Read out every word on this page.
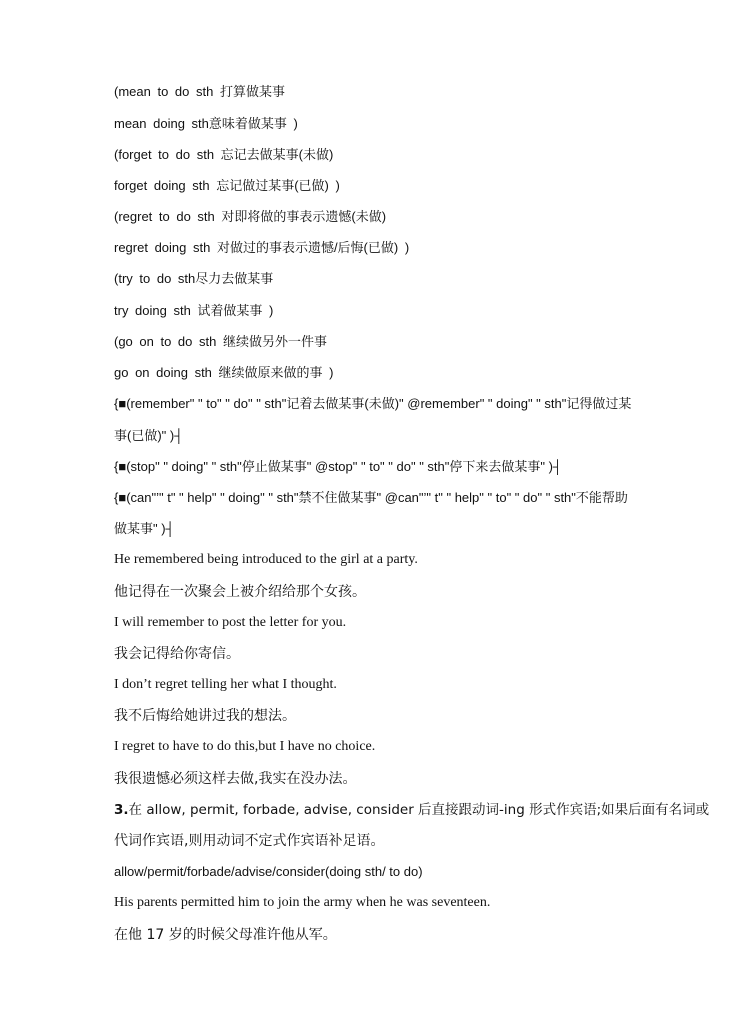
(mean to do sth 打算做某事
mean doing sth意味着做某事 )
(forget to do sth 忘记去做某事(未做)
forget doing sth 忘记做过某事(已做) )
(regret to do sth 对即将做的事表示遗憾(未做)
regret doing sth 对做过的事表示遗憾/后悔(已做) )
(try to do sth尽力去做某事
try doing sth 试着做某事 )
(go on to do sth 继续做另外一件事
go on doing sth 继续做原来做的事 )
{■(remember" " to" " do" " sth"记着去做某事(未做)" @remember" " doing" " sth"记得做过某
事(已做)" )┤
{■(stop" " doing" " sth"停止做某事" @stop" " to" " do" " sth"停下来去做某事" )┤
{■(can"’" t" " help" " doing" " sth"禁不住做某事" @can"’" t" " help" " to" " do" " sth"不能帮助
做某事" )┤
He remembered being introduced to the girl at a party.
他记得在一次聚会上被介绍给那个女孩。
I will remember to post the letter for you.
我会记得给你寄信。
I don’t regret telling her what I thought.
我不后悔给她讲过我的想法。
I regret to have to do this,but I have no choice.
我很遗憾必须这样去做,我实在没办法。
3.在 allow, permit, forbade, advise, consider 后直接跟动词-ing 形式作宾语;如果后面有名词或
代词作宾语,则用动词不定式作宾语补足语。
allow/permit/forbade/advise/consider(doing sth/ to do)
His parents permitted him to join the army when he was seventeen.
在他 17 岁的时候父母准许他从军。
